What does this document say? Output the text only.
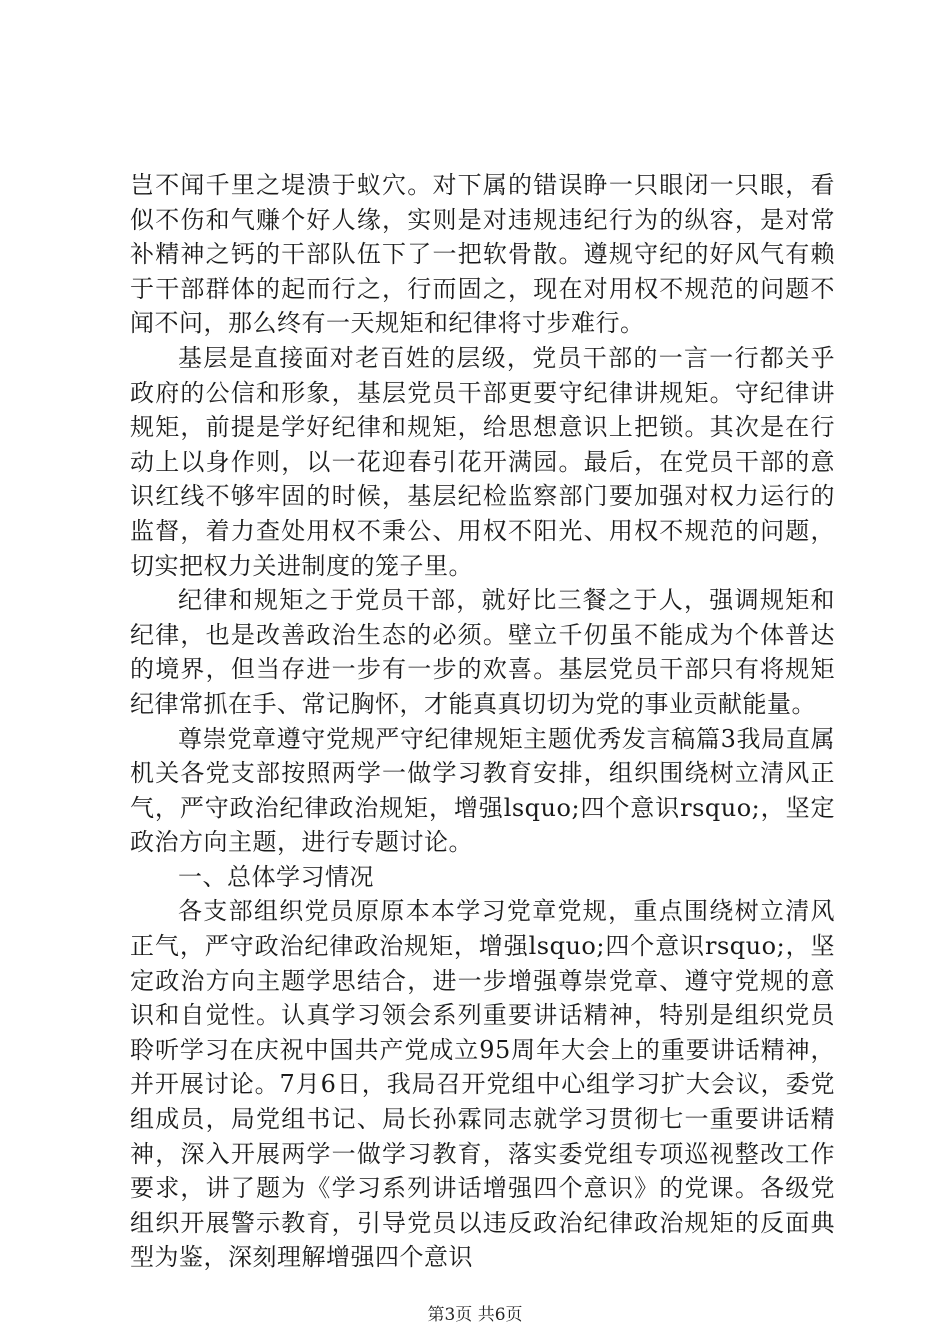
岂不闻千里之堤溃于蚁穴。对下属的错误睁一只眼闭一只眼，看似不伤和气赚个好人缘，实则是对违规违纪行为的纵容，是对常补精神之钙的干部队伍下了一把软骨散。遵规守纪的好风气有赖于干部群体的起而行之，行而固之，现在对用权不规范的问题不闻不问，那么终有一天规矩和纪律将寸步难行。

基层是直接面对老百姓的层级，党员干部的一言一行都关乎政府的公信和形象，基层党员干部更要守纪律讲规矩。守纪律讲规矩，前提是学好纪律和规矩，给思想意识上把锁。其次是在行动上以身作则，以一花迎春引花开满园。最后，在党员干部的意识红线不够牢固的时候，基层纪检监察部门要加强对权力运行的监督，着力查处用权不秉公、用权不阳光、用权不规范的问题，切实把权力关进制度的笼子里。

纪律和规矩之于党员干部，就好比三餐之于人，强调规矩和纪律，也是改善政治生态的必须。壁立千仞虽不能成为个体普达的境界，但当存进一步有一步的欢喜。基层党员干部只有将规矩纪律常抓在手、常记胸怀，才能真真切切为党的事业贡献能量。

尊崇党章遵守党规严守纪律规矩主题优秀发言稿篇3我局直属机关各党支部按照两学一做学习教育安排，组织围绕树立清风正气，严守政治纪律政治规矩，增强lsquo;四个意识rsquo;，坚定政治方向主题，进行专题讨论。

一、总体学习情况

各支部组织党员原原本本学习党章党规，重点围绕树立清风正气，严守政治纪律政治规矩，增强lsquo;四个意识rsquo;，坚定政治方向主题学思结合，进一步增强尊崇党章、遵守党规的意识和自觉性。认真学习领会系列重要讲话精神，特别是组织党员聆听学习在庆祝中国共产党成立95周年大会上的重要讲话精神，并开展讨论。7月6日，我局召开党组中心组学习扩大会议，委党组成员，局党组书记、局长孙霖同志就学习贯彻七一重要讲话精神，深入开展两学一做学习教育，落实委党组专项巡视整改工作要求，讲了题为《学习系列讲话增强四个意识》的党课。各级党组织开展警示教育，引导党员以违反政治纪律政治规矩的反面典型为鉴，深刻理解增强四个意识

第3页 共6页
